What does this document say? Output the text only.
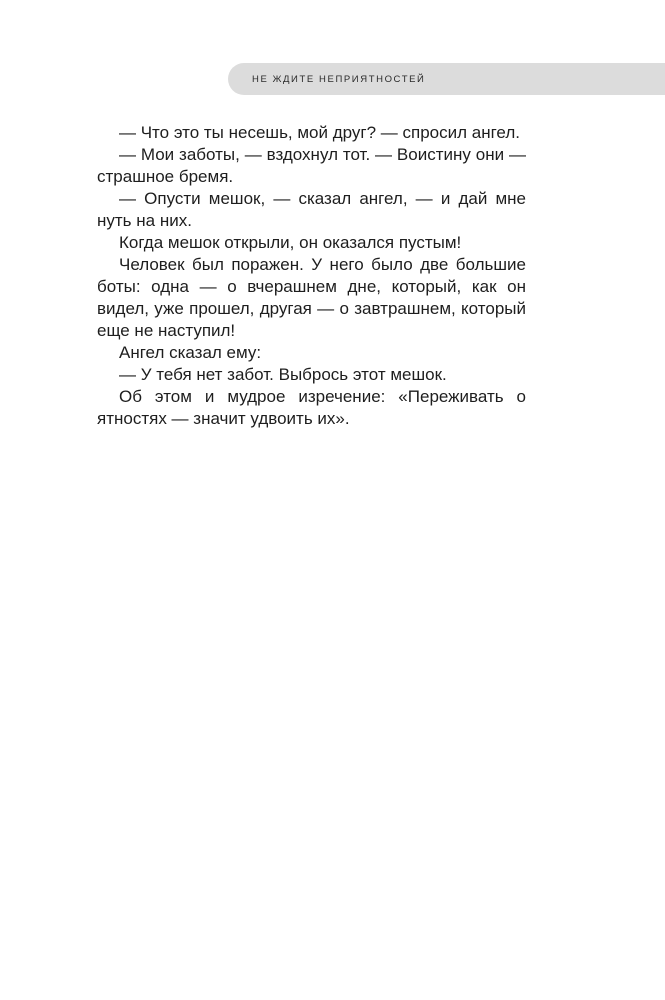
НЕ ЖДИТЕ НЕПРИЯТНОСТЕЙ
— Что это ты несешь, мой друг? — спросил ангел.
— Мои заботы, — вздохнул тот. — Воистину они —
страшное бремя.
— Опусти мешок, — сказал ангел, — и дай мне
нуть на них.
Когда мешок открыли, он оказался пустым!
Человек был поражен. У него было две большие
боты: одна — о вчерашнем дне, который, как он
видел, уже прошел, другая — о завтрашнем, который
еще не наступил!
Ангел сказал ему:
— У тебя нет забот. Выбрось этот мешок.
Об этом и мудрое изречение: «Переживать о
ятностях — значит удвоить их».
